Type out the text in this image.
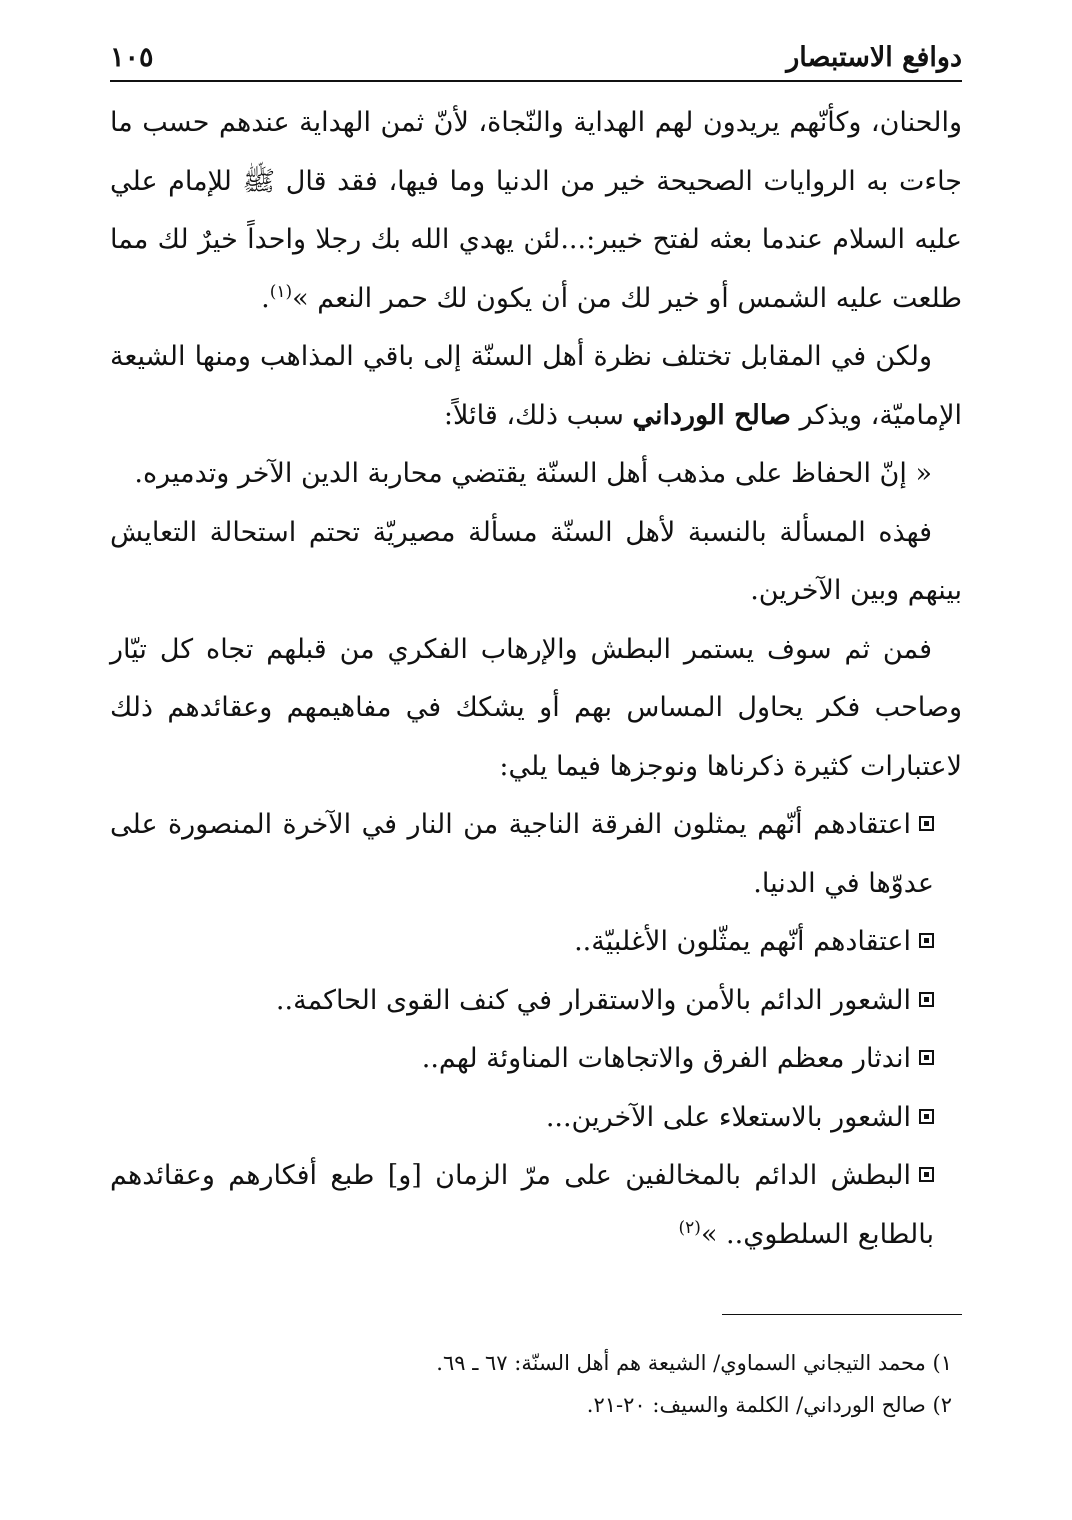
دوافع الاستبصار
١٠٥

والحنان، وكأنّهم يريدون لهم الهداية والنّجاة، لأنّ ثمن الهداية عندهم حسب ما جاءت به الروايات الصحيحة خير من الدنيا وما فيها، فقد قال ﷺ للإمام علي عليه السلام عندما بعثه لفتح خيبر:...لئن يهدي الله بك رجلا واحداً خيرٌ لك مما طلعت عليه الشمس أو خير لك من أن يكون لك حمر النعم »$^{(١)}$.

ولكن في المقابل تختلف نظرة أهل السنّة إلى باقي المذاهب ومنها الشيعة الإماميّة، ويذكر صالح الورداني سبب ذلك، قائلاً:

« إنّ الحفاظ على مذهب أهل السنّة يقتضي محاربة الدين الآخر وتدميره.

فهذه المسألة بالنسبة لأهل السنّة مسألة مصيريّة تحتم استحالة التعايش بينهم وبين الآخرين.

فمن ثم سوف يستمر البطش والإرهاب الفكري من قبلهم تجاه كل تيّار وصاحب فكر يحاول المساس بهم أو يشكك في مفاهيمهم وعقائدهم ذلك لاعتبارات كثيرة ذكرناها ونوجزها فيما يلي:

اعتقادهم أنّهم يمثلون الفرقة الناجية من النار في الآخرة المنصورة على عدوّها في الدنيا.

اعتقادهم أنّهم يمثّلون الأغلبيّة..

الشعور الدائم بالأمن والاستقرار في كنف القوى الحاكمة..

اندثار معظم الفرق والاتجاهات المناوئة لهم..

الشعور بالاستعلاء على الآخرين...

البطش الدائم بالمخالفين على مرّ الزمان [و] طبع أفكارهم وعقائدهم بالطابع السلطوي.. »$^{(٢)}$

١) محمد التيجاني السماوي/ الشيعة هم أهل السنّة: ٦٧ ـ ٦٩.

٢) صالح الورداني/ الكلمة والسيف: ٢٠-٢١.
